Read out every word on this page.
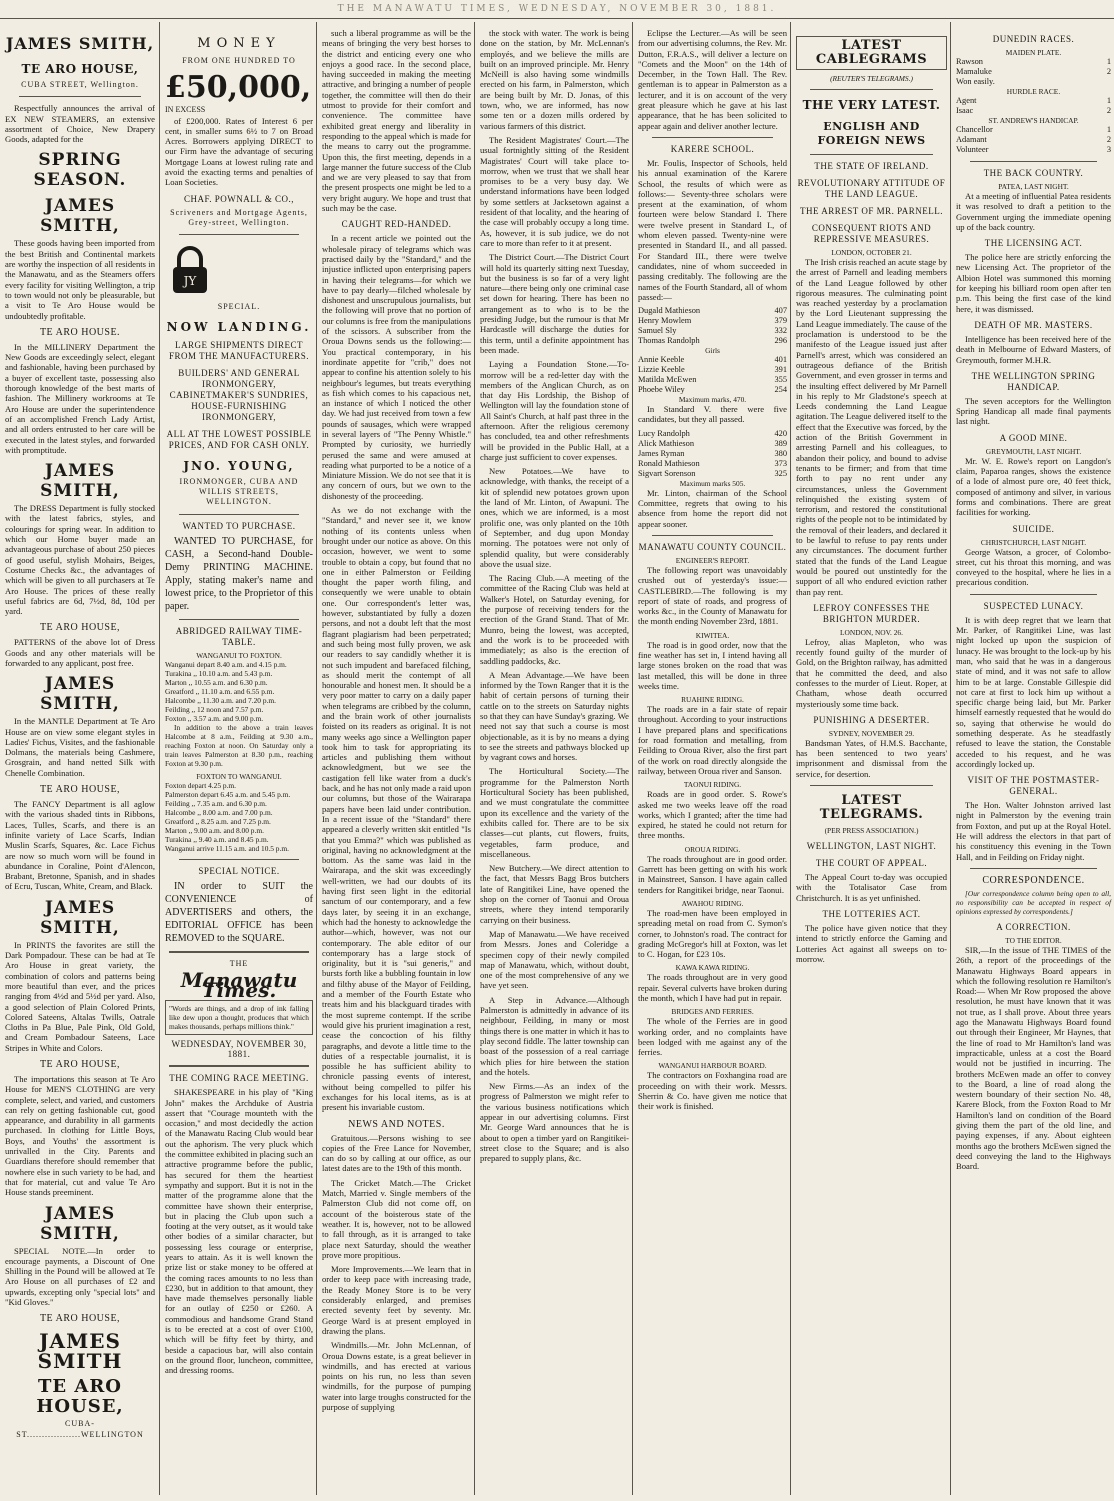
THE MANAWATU TIMES, WEDNESDAY, NOVEMBER 30, 1881.
JAMES SMITH,
TE ARO HOUSE,
CUBA STREET, Wellington.

Respectfully announces the arrival of EX NEW STEAMERS, an extensive assortment of Choice, New Drapery Goods, adapted for the

SPRING SEASON.
JAMES SMITH,

These goods having been imported from the best British and Continental markets are worthy the inspection of all residents in the Manawatu, and as the Steamers offers every facility for visiting Wellington, a trip to town would not only be pleasurable, but a visit to Te Aro House would be undoubtedly profitable.

TE ARO HOUSE.

In the MILLINERY Department the New Goods are exceedingly select, elegant and fashionable, having been purchased by a buyer of excellent taste, possessing also thorough knowledge of the best marts of fashion. The Millinery workrooms at Te Aro House are under the superintendence of an accomplished French Lady Artist, and all orders entrusted to her care will be executed in the latest styles, and forwarded with promptitude.

JAMES SMITH,

The DRESS Department is fully stocked with the latest fabrics, styles, and colourings for spring wear. In addition to which our Home buyer made an advantageous purchase of about 250 pieces of good useful, stylish Mohairs, Beiges, Costume Checks &c., the advantages of which will be given to all purchasers at Te Aro House. The prices of these really useful fabrics are 6d, 7½d, 8d, 10d per yard.

TE ARO HOUSE,

PATTERNS of the above lot of Dress Goods and any other materials will be forwarded to any applicant, post free.

JAMES SMITH,

In the MANTLE Department at Te Aro House are on view some elegant styles in Ladies' Fichus, Visites, and the fashionable Dolmans, the materials being Cashmere, Grosgrain, and hand netted Silk with Chenelle Combination.

TE ARO HOUSE,

The FANCY Department is all aglow with the various shaded tints in Ribbons, Laces, Tulles, Scarfs, and there is an infinite variety of Lace Scarfs, Indian Muslin Scarfs, Squares, &c. Lace Fichus are now so much worn will be found in abundance in Coraline, Point d'Alencon, Brabant, Bretonne, Spanish, and in shades of Ecru, Tuscan, White, Cream, and Black.

JAMES SMITH,

In PRINTS the favorites are still the Dark Pompadour. These can be had at Te Aro House in great variety, the combination of colors and patterns being more beautiful than ever, and the prices ranging from 4½d and 5½d per yard. Also, a good selection of Plain Colored Prints, Colored Sateens, Altalas Twills, Oatrale Cloths in Pa Blue, Pale Pink, Old Gold, and Cream Pombadour Sateens, Lace Stripes in White and Colors.

TE ARO HOUSE,

The importations this season at Te Aro House for MEN'S CLOTHING are very complete, select, and varied, and customers can rely on getting fashionable cut, good appearance, and durability in all garments purchased. In clothing for Little Boys, Boys, and Youths' the assortment is unrivalled in the City. Parents and Guardians therefore should remember that nowhere else in such variety to be had, and that for material, cut and value Te Aro House stands preeminent.

JAMES SMITH,

SPECIAL NOTE.—In order to encourage payments, a Discount of One Shilling in the Pound will be allowed at Te Aro House on all purchases of £2 and upwards, excepting only "special lots" and "Kid Gloves."

TE ARO HOUSE,
JAMES SMITH
TE ARO HOUSE,
CUBA-ST..................WELLINGTON
MONEY
FROM ONE HUNDRED TO
£50,000, IN EXCESS

of £200,000. Rates of Interest 6 per cent, in smaller sums 6½ to 7 on Broad Acres. Borrowers applying DIRECT to our Firm have the advantage of securing Mortgage Loans at lowest ruling rate and avoid the exacting terms and penalties of Loan Societies.

CHAF. POWNALL & CO.,
Scriveners and Mortgage Agents, Grey-street, Wellington.
JY
SPECIAL.
NOW LANDING.
LARGE SHIPMENTS DIRECT FROM THE MANUFACTURERS.
BUILDERS' AND GENERAL IRONMONGERY, CABINETMAKER'S SUNDRIES, HOUSE-FURNISHING IRONMONGERY,
ALL AT THE LOWEST POSSIBLE PRICES, AND FOR CASH ONLY.
JNO. YOUNG,
IRONMONGER, CUBA AND WILLIS STREETS, WELLINGTON.
WANTED TO PURCHASE.

WANTED TO PURCHASE, for CASH, a Second-hand Double-Demy PRINTING MACHINE. Apply, stating maker's name and lowest price, to the Proprietor of this paper.

ABRIDGED RAILWAY TIME-TABLE.
WANGANUI TO FOXTON.
Wanganui depart 8.40 a.m. and 4.15 p.m.
Turakina ,, 10.10 a.m. and 5.43 p.m.
Marton ,, 10.55 a.m. and 6.30 p.m.
Greatford ,, 11.10 a.m. and 6.55 p.m.
Halcombe ,, 11.30 a.m. and 7.20 p.m.
Feilding ,, 12 noon and 7.57 p.m.
Foxton ,, 3.57 a.m. and 9.00 p.m.

In addition to the above a train leaves Halcombe at 8 a.m., Feilding at 9.30 a.m., reaching Foxton at noon. On Saturday only a train leaves Palmerston at 8.30 p.m., reaching Foxton at 9.30 p.m.

FOXTON TO WANGANUI.
Foxton depart 4.25 p.m.
Palmerston depart 6.45 a.m. and 5.45 p.m.
Feilding ,, 7.35 a.m. and 6.30 p.m.
Halcombe ,, 8.00 a.m. and 7.00 p.m.
Greatford ,, 8.25 a.m. and 7.25 p.m.
Marton ,, 9.00 a.m. and 8.00 p.m.
Turakina ,, 9.40 a.m. and 8.45 p.m.
Wanganui arrive 11.15 a.m. and 10.5 p.m.
SPECIAL NOTICE.

IN order to SUIT the CONVENIENCE of ADVERTISERS and others, the EDITORIAL OFFICE has been REMOVED to the SQUARE.

THE
Manawatu Times.
"Words are things, and a drop of ink falling like dew upon a thought, produces that which makes thousands, perhaps millions think."
WEDNESDAY, NOVEMBER 30, 1881.
THE COMING RACE MEETING.

SHAKESPEARE in his play of "King John" makes the Archduke of Austria assert that "Courage mounteth with the occasion," and most decidedly the action of the Manawatu Racing Club would bear out the aphorism. The very pluck which the committee exhibited in placing such an attractive programme before the public, has secured for them the heartiest sympathy and support. But it is not in the matter of the programme alone that the committee have shown their enterprise, but in placing the Club upon such a footing at the very outset, as it would take other bodies of a similar character, but possessing less courage or enterprise, years to attain. As it is well known the prize list or stake money to be offered at the coming races amounts to no less than £230, but in addition to that amount, they have made themselves personally liable for an outlay of £250 or £260. A commodious and handsome Grand Stand is to be erected at a cost of over £100, which will be fifty feet by thirty, and beside a capacious bar, will also contain on the ground floor, luncheon, committee, and dressing rooms.

such a liberal programme as will be the means of bringing the very best horses to the district and enticing every one who enjoys a good race. In the second place, having succeeded in making the meeting attractive, and bringing a number of people together, the committee will then do their utmost to provide for their comfort and convenience. The committee have exhibited great energy and liberality in responding to the appeal which is made for the means to carry out the programme. Upon this, the first meeting, depends in a large manner the future success of the Club and we are very pleased to say that from the present prospects one might be led to a very bright augury. We hope and trust that such may be the case.

CAUGHT RED-HANDED.

In a recent article we pointed out the wholesale piracy of telegrams which was practised daily by the "Standard," and the injustice inflicted upon enterprising papers in having their telegrams—for which we have to pay dearly—filched wholesale by dishonest and unscrupulous journalists, but the following will prove that no portion of our columns is free from the manipulations of the scissors. A subscriber from the Oroua Downs sends us the following:— You practical contemporary, in his inordinate appetite for "crib," does not appear to confine his attention solely to his neighbour's legumes, but treats everything as fish which comes to his capacious net, an instance of which I noticed the other day. We had just received from town a few pounds of sausages, which were wrapped in several layers of "The Penny Whistle." Prompted by curiosity, we hurriedly perused the same and were amused at reading what purported to be a notice of a Miniature Mission. We do not see that it is any concern of ours, but we own to the dishonesty of the proceeding.

As we do not exchange with the "Standard," and never see it, we know nothing of its contents unless when brought under our notice as above. On this occasion, however, we went to some trouble to obtain a copy, but found that no one in either Palmerston or Feilding thought the paper worth filing, and consequently we were unable to obtain one. Our correspondent's letter was, however, substantiated by fully a dozen persons, and not a doubt left that the most flagrant plagiarism had been perpetrated; and such being most fully proven, we ask our readers to say candidly whether it is not such impudent and barefaced filching, as should merit the contempt of all honourable and honest men. It should be a very poor matter to carry on a daily paper when telegrams are cribbed by the column, and the brain work of other journalists foisted on its readers as original. It is not many weeks ago since a Wellington paper took him to task for appropriating its articles and publishing them without acknowledgment, but we see the castigation fell like water from a duck's back, and he has not only made a raid upon our columns, but those of the Wairarapa papers have been laid under contribution. In a recent issue of the "Standard" there appeared a cleverly written skit entitled "Is that you Emma?" which was published as original, having no acknowledgment at the bottom. As the same was laid in the Wairarapa, and the skit was exceedingly well-written, we had our doubts of its having first seen light in the editorial sanctum of our contemporary, and a few days later, by seeing it in an exchange, which had the honesty to acknowledge the author—which, however, was not our contemporary. The able editor of our contemporary has a large stock of originality, but it is "sui generis," and bursts forth like a bubbling fountain in low and filthy abuse of the Mayor of Feilding, and a member of the Fourth Estate who treats him and his blackguard tirades with the most supreme contempt. If the scribe would give his prurient imagination a rest, cease the concoction of his filthy paragraphs, and devote a little time to the duties of a respectable journalist, it is possible he has sufficient ability to chronicle passing events of interest, without being compelled to pilfer his exchanges for his local items, as is at present his invariable custom.

NEWS AND NOTES.

Gratuitous.—Persons wishing to see copies of the Free Lance for November, can do so by calling at our office, as our latest dates are to the 19th of this month.

The Cricket Match.—The Cricket Match, Married v. Single members of the Palmerston Club did not come off, on account of the boisterous state of the weather. It is, however, not to be allowed to fall through, as it is arranged to take place next Saturday, should the weather prove more propitious.

More Improvements.—We learn that in order to keep pace with increasing trade, the Ready Money Store is to be very considerably enlarged, and premises erected seventy feet by seventy. Mr. George Ward is at present employed in drawing the plans.

Windmills.—Mr. John McLennan, of Oroua Downs estate, is a great believer in windmills, and has erected at various points on his run, no less than seven windmills, for the purpose of pumping water into large troughs constructed for the purpose of supplying

the stock with water. The work is being done on the station, by Mr. McLennan's employés, and we believe the mills are built on an improved principle. Mr. Henry McNeill is also having some windmills erected on his farm, in Palmerston, which are being built by Mr. D. Jonas, of this town, who, we are informed, has now some ten or a dozen mills ordered by various farmers of this district.

The Resident Magistrates' Court.—The usual fortnightly sitting of the Resident Magistrates' Court will take place to-morrow, when we trust that we shall hear promises to be a very busy day. We understand informations have been lodged by some settlers at Jacksetown against a resident of that locality, and the hearing of the case will probably occupy a long time. As, however, it is sub judice, we do not care to more than refer to it at present.

The District Court.—The District Court will hold its quarterly sitting next Tuesday, but the business is so far of a very light nature—there being only one criminal case set down for hearing. There has been no arrangement as to who is to be the presiding Judge, but the rumour is that Mr Hardcastle will discharge the duties for this term, until a definite appointment has been made.

Laying a Foundation Stone.—To-morrow will be a red-letter day with the members of the Anglican Church, as on that day His Lordship, the Bishop of Wellington will lay the foundation stone of All Saint's Church, at half past three in the afternoon. After the religious ceremony has concluded, tea and other refreshments will be provided in the Public Hall, at a charge just sufficient to cover expenses.

New Potatoes.—We have to acknowledge, with thanks, the receipt of a kit of splendid new potatoes grown upon the land of Mr. Linton, of Awapuni. The ones, which we are informed, is a most prolific one, was only planted on the 10th of September, and dug upon Monday morning. The potatoes were not only of splendid quality, but were considerably above the usual size.

The Racing Club.—A meeting of the committee of the Racing Club was held at Walker's Hotel, on Saturday evening, for the purpose of receiving tenders for the erection of the Grand Stand. That of Mr. Munro, being the lowest, was accepted, and the work is to be proceeded with immediately; as also is the erection of saddling paddocks, &c.

A Mean Advantage.—We have been informed by the Town Ranger that it is the habit of certain persons of turning their cattle on to the streets on Saturday nights so that they can have Sunday's grazing. We need not say that such a course is most objectionable, as it is by no means a dying to see the streets and pathways blocked up by vagrant cows and horses.

The Horticultural Society.—The programme for the Palmerston North Horticultural Society has been published, and we must congratulate the committee upon its excellence and the variety of the exhibits called for. There are to be six classes—cut plants, cut flowers, fruits, vegetables, farm produce, and miscellaneous.

New Butchery.—We direct attention to the fact, that Messrs Bagg Bros butchers late of Rangitikei Line, have opened the shop on the corner of Taonui and Oroua streets, where they intend temporarily carrying on their business.

Map of Manawatu.—We have received from Messrs. Jones and Coleridge a specimen copy of their newly compiled map of Manawatu, which, without doubt, one of the most comprehensive of any we have yet seen.

A Step in Advance.—Although Palmerston is admittedly in advance of its neighbour, Feilding, in many or most things there is one matter in which it has to play second fiddle. The latter township can boast of the possession of a real carriage which plies for hire between the station and the hotels.

New Firms.—As an index of the progress of Palmerston we might refer to the various business notifications which appear in our advertising columns. First Mr. George Ward announces that he is about to open a timber yard on Rangitikei-street close to the Square; and is also prepared to supply plans, &c.

Eclipse the Lecturer.—As will be seen from our advertising columns, the Rev. Mr. Dutton, F.R.A.S., will deliver a lecture on "Comets and the Moon" on the 14th of December, in the Town Hall. The Rev. gentleman is to appear in Palmerston as a lecturer, and it is on account of the very great pleasure which he gave at his last appearance, that he has been solicited to appear again and deliver another lecture.

KARERE SCHOOL.

Mr. Foulis, Inspector of Schools, held his annual examination of the Karere School, the results of which were as follows:— Seventy-three scholars were present at the examination, of whom fourteen were below Standard I. There were twelve present in Standard I., of whom eleven passed. Twenty-nine were presented in Standard II., and all passed. For Standard III., there were twelve candidates, nine of whom succeeded in passing creditably. The following are the names of the Fourth Standard, all of whom passed:—

Dugald Mathieson	407
Henry Mowlem	379
Samuel Sly	332
Thomas Randolph	296
Girls
Annie Keeble	401
Lizzie Keeble	391
Matilda McEwen	355
Phoebe Wiley	254
Maximum marks, 470.

In Standard V. there were five candidates, but they all passed.

Lucy Randolph	420
Alick Mathieson	389
James Ryman	380
Ronald Mathieson	373
Sigvart Sorenson	325
Maximum marks 505.

Mr. Linton, chairman of the School Committee, regrets that owing to his absence from home the report did not appear sooner.

MANAWATU COUNTY COUNCIL.
ENGINEER'S REPORT.

The following report was unavoidably crushed out of yesterday's issue:— CASTLEBIRD.—The following is my report of state of roads, and progress of works &c., in the County of Manawatu for the month ending November 23rd, 1881.

KIWITEA.

The road is in good order, now that the fine weather has set in, I intend having all large stones broken on the road that was last metalled, this will be done in three weeks time.

RUAHINE RIDING.

The roads are in a fair state of repair throughout. According to your instructions I have prepared plans and specifications for road formation and metalling, from Feilding to Oroua River, also the first part of the work on road directly alongside the railway, between Oroua river and Sanson.

TAONUI RIDING.

Roads are in good order. S. Rowe's asked me two weeks leave off the road works, which I granted; after the time had expired, he stated he could not return for three months.

OROUA RIDING.

The roads throughout are in good order. Garrett has been getting on with his work in Mainstreet, Sanson. I have again called tenders for Rangitikei bridge, near Taonui.

AWAHOU RIDING.

The road-men have been employed in spreading metal on road from C. Symon's corner, to Johnston's road. The contract for grading McGregor's hill at Foxton, was let to C. Hogan, for £23 10s.

KAWA KAWA RIDING.

The roads throughout are in very good repair. Several culverts have broken during the month, which I have had put in repair.

BRIDGES AND FERRIES.

The whole of the Ferries are in good working order, and no complaints have been lodged with me against any of the ferries.

WANGANUI HARBOUR BOARD.

The contractors on Foxhangina road are proceeding on with their work. Messrs. Sherrin & Co. have given me notice that their work is finished.

LATEST CABLEGRAMS
(REUTER'S TELEGRAMS.)
THE VERY LATEST.
ENGLISH AND FOREIGN NEWS
THE STATE OF IRELAND.
REVOLUTIONARY ATTITUDE OF THE LAND LEAGUE.
THE ARREST OF MR. PARNELL.
CONSEQUENT RIOTS AND REPRESSIVE MEASURES.
LONDON, OCTOBER 21.

The Irish crisis reached an acute stage by the arrest of Parnell and leading members of the Land League followed by other rigorous measures. The culminating point was reached yesterday by a proclamation by the Lord Lieutenant suppressing the Land League immediately. The cause of the proclamation is understood to be the manifesto of the League issued just after Parnell's arrest, which was considered an outrageous defiance of the British Government, and even grosser in terms and the insulting effect delivered by Mr Parnell in his reply to Mr Gladstone's speech at Leeds condemning the Land League agitation. The League delivered itself to the effect that the Executive was forced, by the action of the British Government in arresting Parnell and his colleagues, to abandon their policy, and bound to advise tenants to be firmer; and from that time forth to pay no rent under any circumstances, unless the Government relinquished the existing system of terrorism, and restored the constitutional rights of the people not to be intimidated by the removal of their leaders, and declared it to be lawful to refuse to pay rents under any circumstances. The document further stated that the funds of the Land League would be poured out unstintedly for the support of all who endured eviction rather than pay rent.

LEFROY CONFESSES THE BRIGHTON MURDER.
LONDON, NOV. 26.

Lefroy, alias Mapleton, who was recently found guilty of the murder of Gold, on the Brighton railway, has admitted that he committed the deed, and also confesses to the murder of Lieut. Roper, at Chatham, whose death occurred mysteriously some time back.

PUNISHING A DESERTER.
SYDNEY, NOVEMBER 29.

Bandsman Yates, of H.M.S. Bacchante, has been sentenced to two years' imprisonment and dismissal from the service, for desertion.

LATEST TELEGRAMS.
(PER PRESS ASSOCIATION.)
WELLINGTON, LAST NIGHT.
THE COURT OF APPEAL.

The Appeal Court to-day was occupied with the Totalisator Case from Christchurch. It is as yet unfinished.

THE LOTTERIES ACT.

The police have given notice that they intend to strictly enforce the Gaming and Lotteries Act against all sweeps on to-morrow.

DUNEDIN RACES.
MAIDEN PLATE.
Rawson	1
Mamaluke	2
Won easily.	
HURDLE RACE.
Agent	1
Isaac	2
ST. ANDREW'S HANDICAP.
Chancellor	1
Adamant	2
Volunteer	3
THE BACK COUNTRY.
PATEA, LAST NIGHT.

At a meeting of influential Patea residents it was resolved to draft a petition to the Government urging the immediate opening up of the back country.

THE LICENSING ACT.

The police here are strictly enforcing the new Licensing Act. The proprietor of the Albion Hotel was summoned this morning for keeping his billiard room open after ten p.m. This being the first case of the kind here, it was dismissed.

DEATH OF MR. MASTERS.

Intelligence has been received here of the death in Melbourne of Edward Masters, of Greymouth, former M.H.R.

THE WELLINGTON SPRING HANDICAP.

The seven acceptors for the Wellington Spring Handicap all made final payments last night.

A GOOD MINE.
GREYMOUTH, LAST NIGHT.

Mr. W. E. Rowe's report on Langdon's claim, Paparoa ranges, shows the existence of a lode of almost pure ore, 40 feet thick, composed of antimony and silver, in various forms and combinations. There are great facilities for working.

SUICIDE.
CHRISTCHURCH, LAST NIGHT.

George Watson, a grocer, of Colombo-street, cut his throat this morning, and was conveyed to the hospital, where he lies in a precarious condition.

SUSPECTED LUNACY.

It is with deep regret that we learn that Mr. Parker, of Rangitikei Line, was last night locked up upon the suspicion of lunacy. He was brought to the lock-up by his man, who said that he was in a dangerous state of mind, and it was not safe to allow him to be at large. Constable Gillespie did not care at first to lock him up without a specific charge being laid, but Mr. Parker himself earnestly requested that he would do so, saying that otherwise he would do something desperate. As he steadfastly refused to leave the station, the Constable acceded to his request, and he was accordingly locked up.

VISIT OF THE POSTMASTER-GENERAL.

The Hon. Walter Johnston arrived last night in Palmerston by the evening train from Foxton, and put up at the Royal Hotel. He will address the electors in that part of his constituency this evening in the Town Hall, and in Feilding on Friday night.

CORRESPONDENCE.

[Our correspondence column being open to all, no responsibility can be accepted in respect of opinions expressed by correspondents.]

A CORRECTION.
TO THE EDITOR.

SIR,—In the issue of THE TIMES of the 26th, a report of the proceedings of the Manawatu Highways Board appears in which the following resolution re Hamilton's Road:— When Mr Row proposed the above resolution, he must have known that it was not true, as I shall prove. About three years ago the Manawatu Highways Board found out through their Engineer, Mr Haynes, that the line of road to Mr Hamilton's land was impracticable, unless at a cost the Board would not be justified in incurring. The brothers McEwen made an offer to convey to the Board, a line of road along the western boundary of their section No. 48, Karere Block, from the Foxton Road to Mr Hamilton's land on condition of the Board giving them the part of the old line, and paying expenses, if any. About eighteen months ago the brothers McEwen signed the deed conveying the land to the Highways Board.
